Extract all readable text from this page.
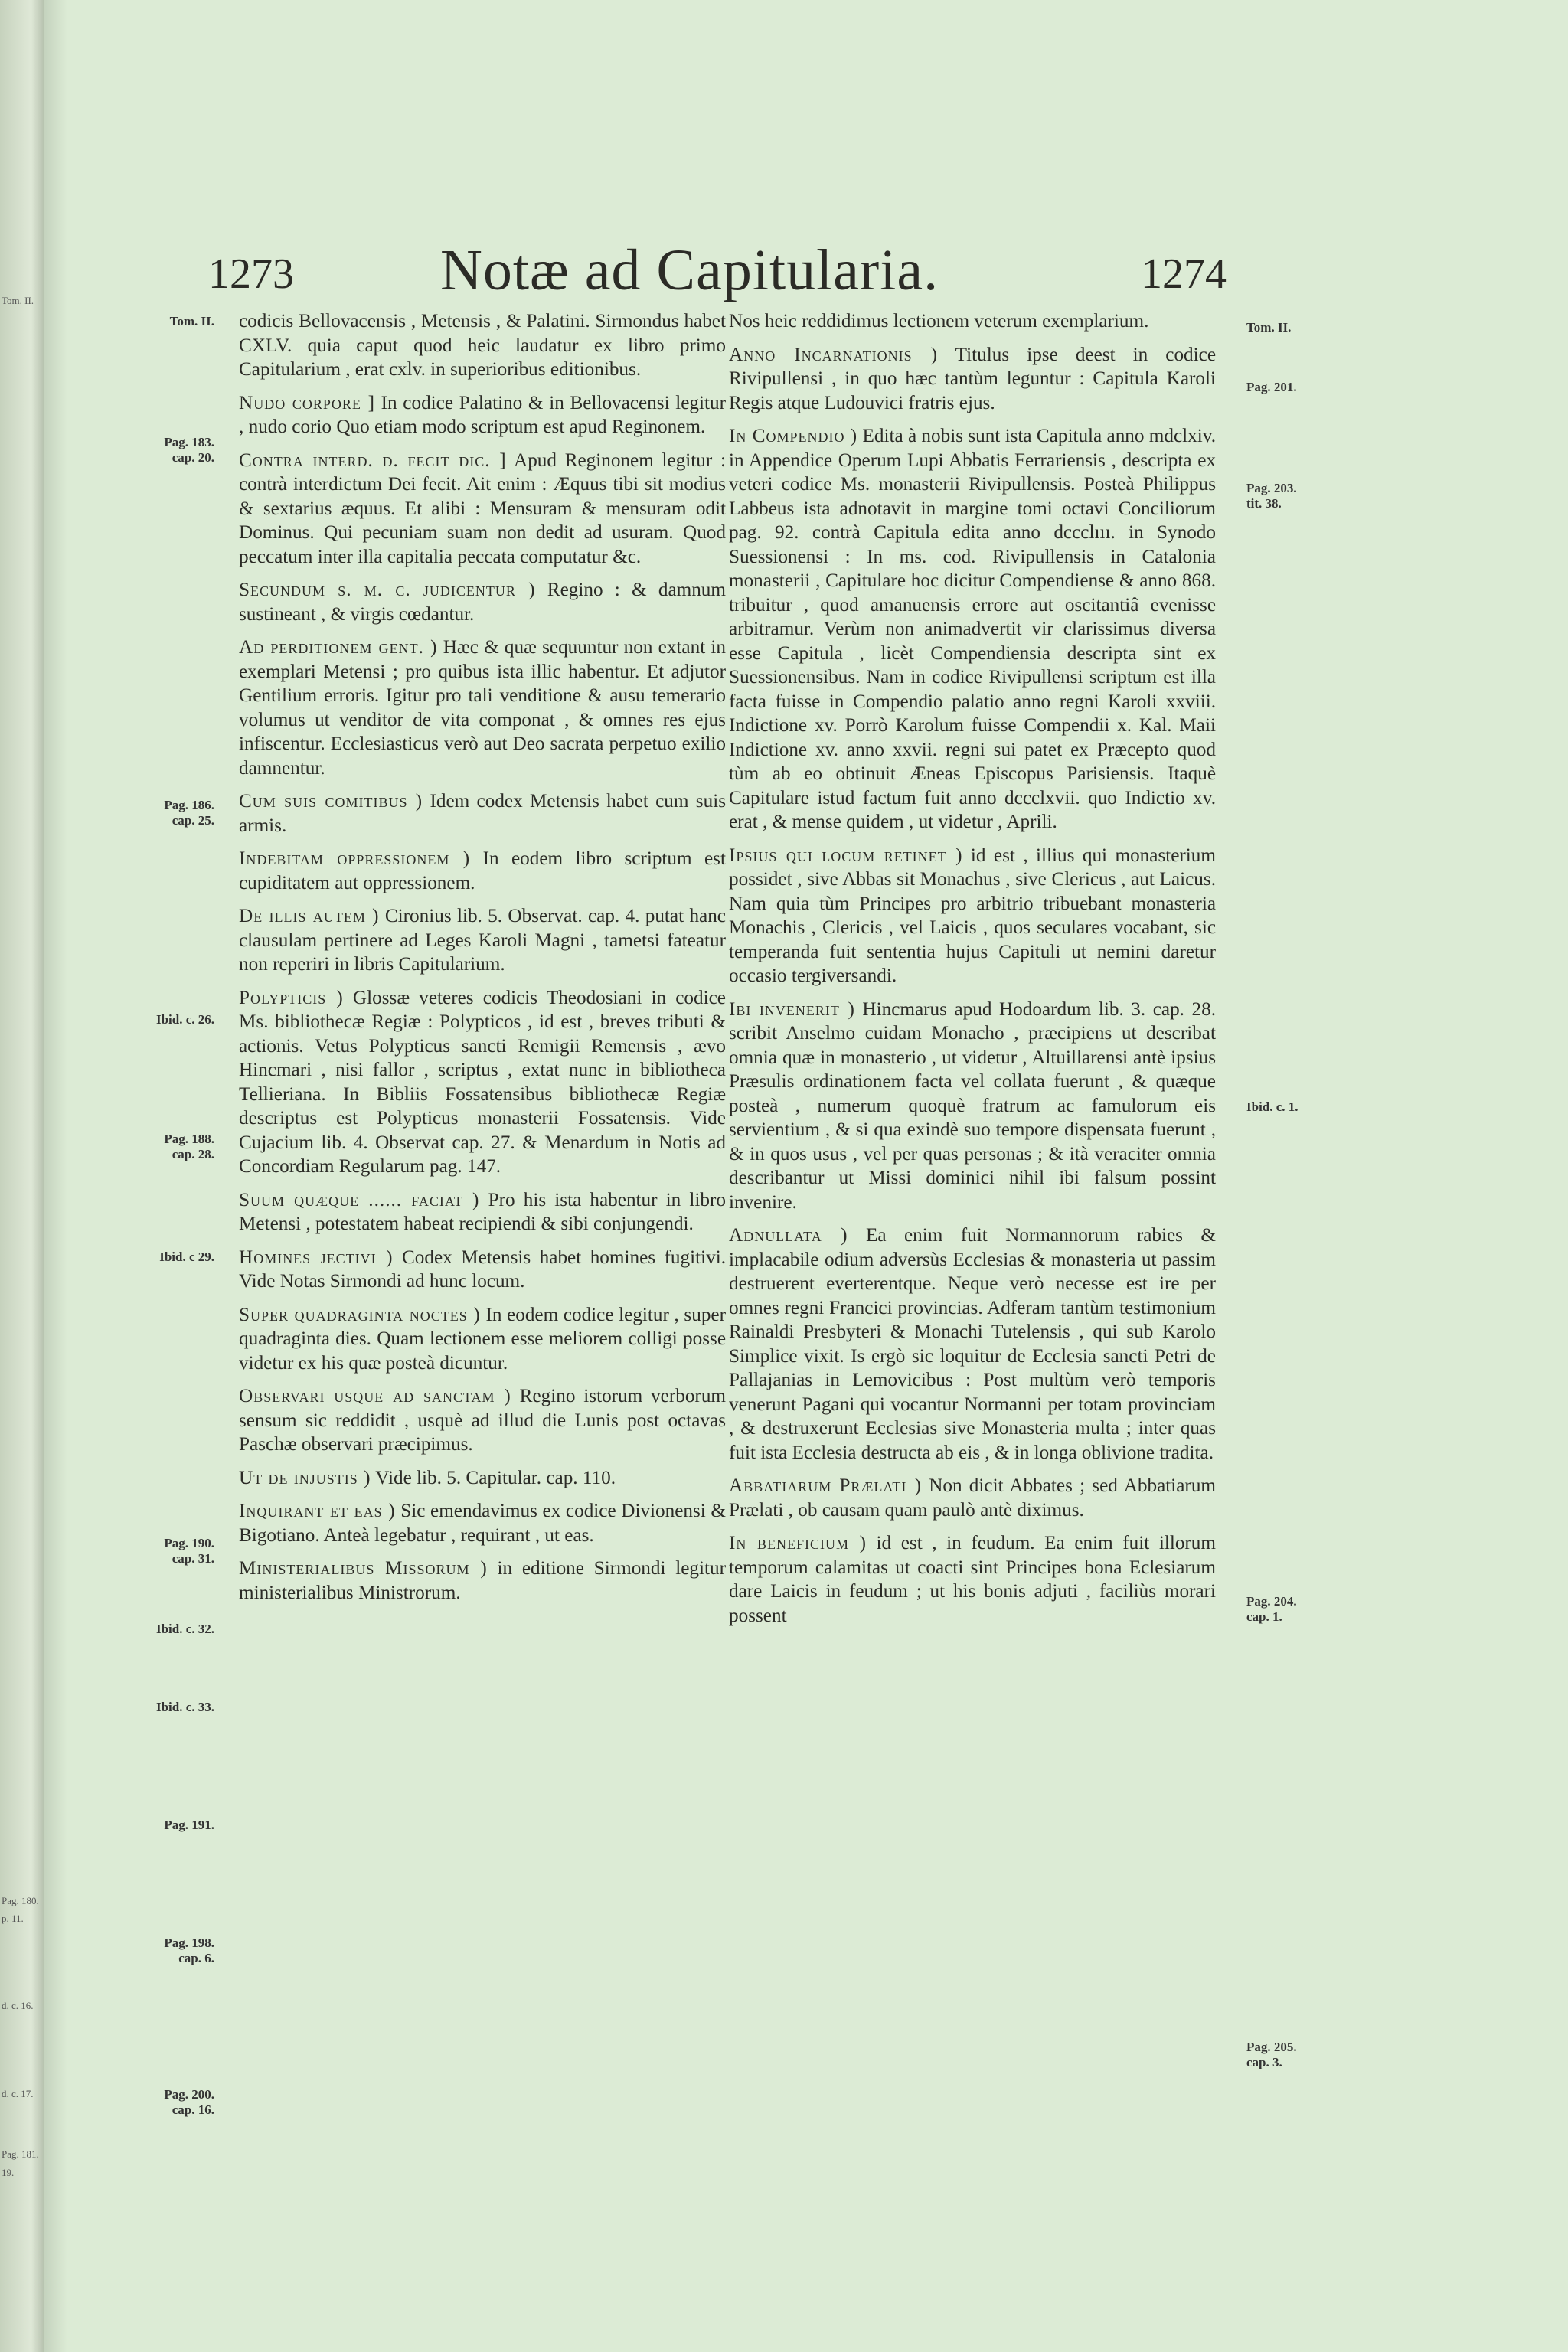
Tom. II.
Pag. 180.
p. 11.
d. c. 16.
d. c. 17.
Pag. 181.
19.
1273	Notæ ad Capitularia.	1274
Tom. II.
Pag. 183.
cap. 20.
Pag. 186.
cap. 25.
Ibid. c. 26.
Pag. 188.
cap. 28.
Ibid. c 29.
Pag. 190.
cap. 31.
Ibid. c. 32.
Ibid. c. 33.
Pag. 191.
Pag. 198.
cap. 6.
Pag. 200.
cap. 16.
Tom. II.
Pag. 201.
Pag. 203.
tit. 38.
Ibid. c. 1.
Pag. 204.
cap. 1.
Pag. 205.
cap. 3.

codicis Bellovacensis , Metensis , & Palatini. Sirmondus habet CXLV. quia caput quod heic laudatur ex libro primo Capitularium , erat cxlv. in superioribus editionibus.

Nudo corpore ] In codice Palatino & in Bellovacensi legitur , nudo corio Quo etiam modo scriptum est apud Reginonem.

Contra interd. d. fecit dic. ] Apud Reginonem legitur : contrà interdictum Dei fecit. Ait enim : Æquus tibi sit modius & sextarius æquus. Et alibi : Mensuram & mensuram odit Dominus. Qui pecuniam suam non dedit ad usuram. Quod peccatum inter illa capitalia peccata computatur &c.

Secundum s. m. c. judicentur ) Regino : & damnum sustineant , & virgis cœdantur.

Ad perditionem gent. ) Hæc & quæ sequuntur non extant in exemplari Metensi ; pro quibus ista illic habentur. Et adjutor Gentilium erroris. Igitur pro tali venditione & ausu temerario volumus ut venditor de vita componat , & omnes res ejus infiscentur. Ecclesiasticus verò aut Deo sacrata perpetuo exilio damnentur.

Cum suis comitibus ) Idem codex Metensis habet cum suis armis.

Indebitam oppressionem ) In eodem libro scriptum est cupiditatem aut oppressionem.

De illis autem ) Cironius lib. 5. Observat. cap. 4. putat hanc clausulam pertinere ad Leges Karoli Magni , tametsi fateatur non reperiri in libris Capitularium.

Polypticis ) Glossæ veteres codicis Theodosiani in codice Ms. bibliothecæ Regiæ : Polypticos , id est , breves tributi & actionis. Vetus Polypticus sancti Remigii Remensis , ævo Hincmari , nisi fallor , scriptus , extat nunc in bibliotheca Tellieriana. In Bibliis Fossatensibus bibliothecæ Regiæ descriptus est Polypticus monasterii Fossatensis. Vide Cujacium lib. 4. Observat cap. 27. & Menardum in Notis ad Concordiam Regularum pag. 147.

Suum quæque ...... faciat ) Pro his ista habentur in libro Metensi , potestatem habeat recipiendi & sibi conjungendi.

Homines jectivi ) Codex Metensis habet homines fugitivi. Vide Notas Sirmondi ad hunc locum.

Super quadraginta noctes ) In eodem codice legitur , super quadraginta dies. Quam lectionem esse meliorem colligi posse videtur ex his quæ posteà dicuntur.

Observari usque ad sanctam ) Regino istorum verborum sensum sic reddidit , usquè ad illud die Lunis post octavas Paschæ observari præcipimus.

Ut de injustis ) Vide lib. 5. Capitular. cap. 110.

Inquirant et eas ) Sic emendavimus ex codice Divionensi & Bigotiano. Anteà legebatur , requirant , ut eas.

Ministerialibus Missorum ) in editione Sirmondi legitur ministerialibus Ministrorum.

Nos heic reddidimus lectionem veterum exemplarium.

Anno Incarnationis ) Titulus ipse deest in codice Rivipullensi , in quo hæc tantùm leguntur : Capitula Karoli Regis atque Ludouvici fratris ejus.

In Compendio ) Edita à nobis sunt ista Capitula anno mdclxiv. in Appendice Operum Lupi Abbatis Ferrariensis , descripta ex veteri codice Ms. monasterii Rivipullensis. Posteà Philippus Labbeus ista adnotavit in margine tomi octavi Conciliorum pag. 92. contrà Capitula edita anno dccclııı. in Synodo Suessionensi : In ms. cod. Rivipullensis in Catalonia monasterii , Capitulare hoc dicitur Compendiense & anno 868. tribuitur , quod amanuensis errore aut oscitantiâ evenisse arbitramur. Verùm non animadvertit vir clarissimus diversa esse Capitula , licèt Compendiensia descripta sint ex Suessionensibus. Nam in codice Rivipullensi scriptum est illa facta fuisse in Compendio palatio anno regni Karoli xxviii. Indictione xv. Porrò Karolum fuisse Compendii x. Kal. Maii Indictione xv. anno xxvii. regni sui patet ex Præcepto quod tùm ab eo obtinuit Æneas Episcopus Parisiensis. Itaquè Capitulare istud factum fuit anno dccclxvii. quo Indictio xv. erat , & mense quidem , ut videtur , Aprili.

Ipsius qui locum retinet ) id est , illius qui monasterium possidet , sive Abbas sit Monachus , sive Clericus , aut Laicus. Nam quia tùm Principes pro arbitrio tribuebant monasteria Monachis , Clericis , vel Laicis , quos seculares vocabant, sic temperanda fuit sententia hujus Capituli ut nemini daretur occasio tergiversandi.

Ibi invenerit ) Hincmarus apud Hodoardum lib. 3. cap. 28. scribit Anselmo cuidam Monacho , præcipiens ut describat omnia quæ in monasterio , ut videtur , Altuillarensi antè ipsius Præsulis ordinationem facta vel collata fuerunt , & quæque posteà , numerum quoquè fratrum ac famulorum eis servientium , & si qua exindè suo tempore dispensata fuerunt , & in quos usus , vel per quas personas ; & ità veraciter omnia describantur ut Missi dominici nihil ibi falsum possint invenire.

Adnullata ) Ea enim fuit Normannorum rabies & implacabile odium adversùs Ecclesias & monasteria ut passim destruerent everterentque. Neque verò necesse est ire per omnes regni Francici provincias. Adferam tantùm testimonium Rainaldi Presbyteri & Monachi Tutelensis , qui sub Karolo Simplice vixit. Is ergò sic loquitur de Ecclesia sancti Petri de Pallajanias in Lemovicibus : Post multùm verò temporis venerunt Pagani qui vocantur Normanni per totam provinciam , & destruxerunt Ecclesias sive Monasteria multa ; inter quas fuit ista Ecclesia destructa ab eis , & in longa oblivione tradita.

Abbatiarum Prælati ) Non dicit Abbates ; sed Abbatiarum Prælati , ob causam quam paulò antè diximus.

In beneficium ) id est , in feudum. Ea enim fuit illorum temporum calamitas ut coacti sint Principes bona Eclesiarum dare Laicis in feudum ; ut his bonis adjuti , faciliùs morari possent
